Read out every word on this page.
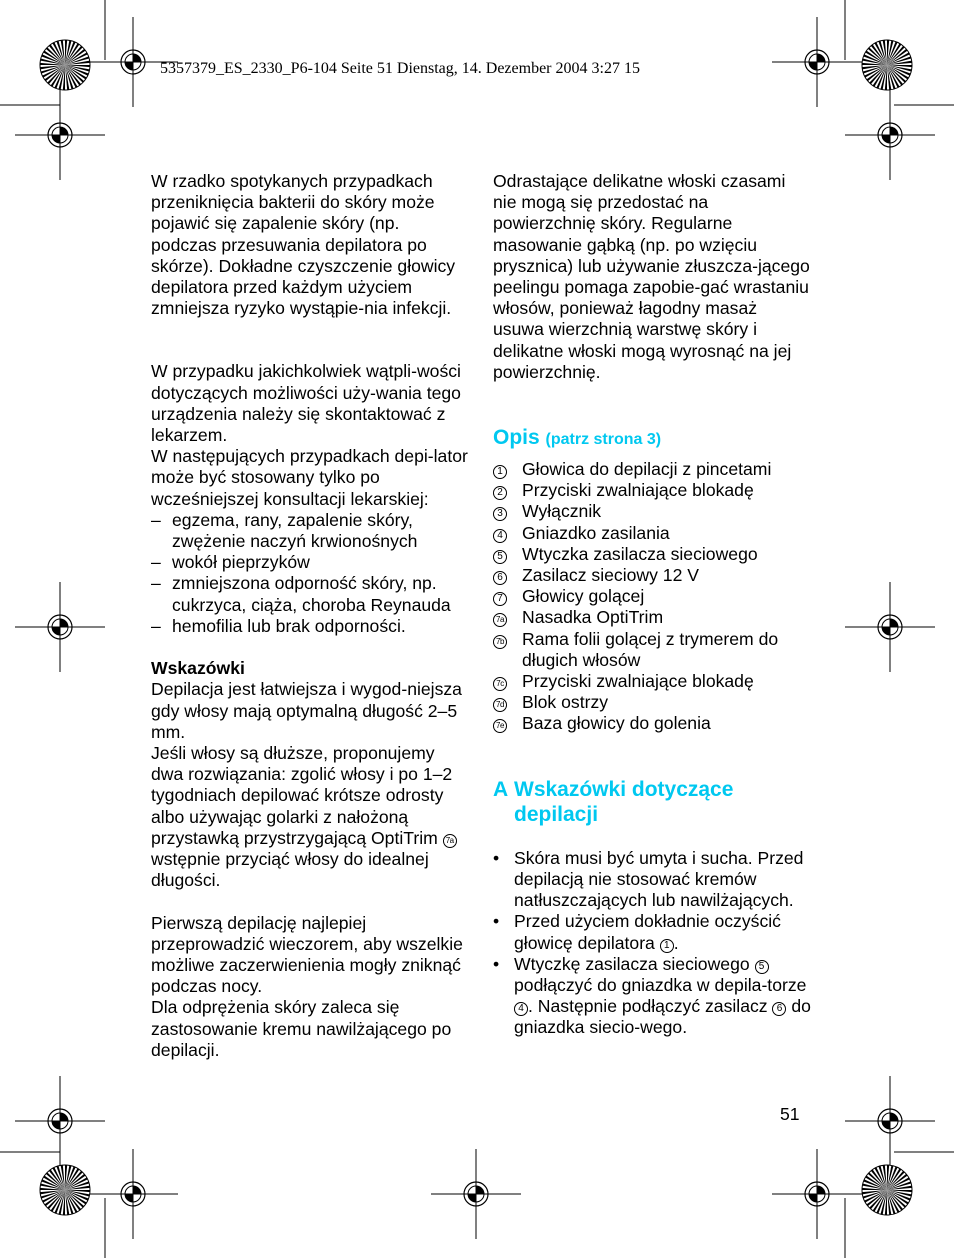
5357379_ES_2330_P6-104 Seite 51 Dienstag, 14. Dezember 2004 3:27 15

W rzadko spotykanych przypadkach przeniknięcia bakterii do skóry może pojawić się zapalenie skóry (np. podczas przesuwania depilatora po skórze). Dokładne czyszczenie głowicy depilatora przed każdym użyciem zmniejsza ryzyko wystąpie-nia infekcji.

W przypadku jakichkolwiek wątpli-wości dotyczących możliwości uży-wania tego urządzenia należy się skontaktować z lekarzem.

W następujących przypadkach depi-lator może być stosowany tylko po wcześniejszej konsultacji lekarskiej:

– egzema, rany, zapalenie skóry, zwężenie naczyń krwionośnych
– wokół pieprzyków
– zmniejszona odporność skóry, np. cukrzyca, ciąża, choroba Reynauda
– hemofilia lub brak odporności.

Wskazówki

Depilacja jest łatwiejsza i wygod-niejsza gdy włosy mają optymalną długość 2–5 mm.

Jeśli włosy są dłuższe, proponujemy dwa rozwiązania: zgolić włosy i po 1–2 tygodniach depilować krótsze odrosty albo używając golarki z nałożoną przystawką przystrzygającą OptiTrim 7a wstępnie przyciąć włosy do idealnej długości.

Pierwszą depilację najlepiej przeprowadzić wieczorem, aby wszelkie możliwe zaczerwienienia mogły zniknąć podczas nocy.

Dla odprężenia skóry zaleca się zastosowanie kremu nawilżającego po depilacji.

Odrastające delikatne włoski czasami nie mogą się przedostać na powierzchnię skóry. Regularne masowanie gąbką (np. po wzięciu prysznica) lub używanie złuszcza-jącego peelingu pomaga zapobie-gać wrastaniu włosów, ponieważ łagodny masaż usuwa wierzchnią warstwę skóry i delikatne włoski mogą wyrosnąć na jej powierzchnię.

Opis (patrz strona 3)
1	Głowica do depilacji z pincetami
2	Przyciski zwalniające blokadę
3	Wyłącznik
4	Gniazdko zasilania
5	Wtyczka zasilacza sieciowego
6	Zasilacz sieciowy 12 V
7	Głowicy golącej
7a	Nasadka OptiTrim
7b	Rama folii golącej z trymerem do długich włosów
7c	Przyciski zwalniające blokadę
7d	Blok ostrzy
7e	Baza głowicy do golenia
A Wskazówki dotyczące depilacji
• Skóra musi być umyta i sucha. Przed depilacją nie stosować kremów natłuszczających lub nawilżających.
• Przed użyciem dokładnie oczyścić głowicę depilatora 1 .
• Wtyczkę zasilacza sieciowego 5 podłączyć do gniazdka w depila-torze 4 . Następnie podłączyć zasilacz 6 do gniazdka siecio-wego.
51
